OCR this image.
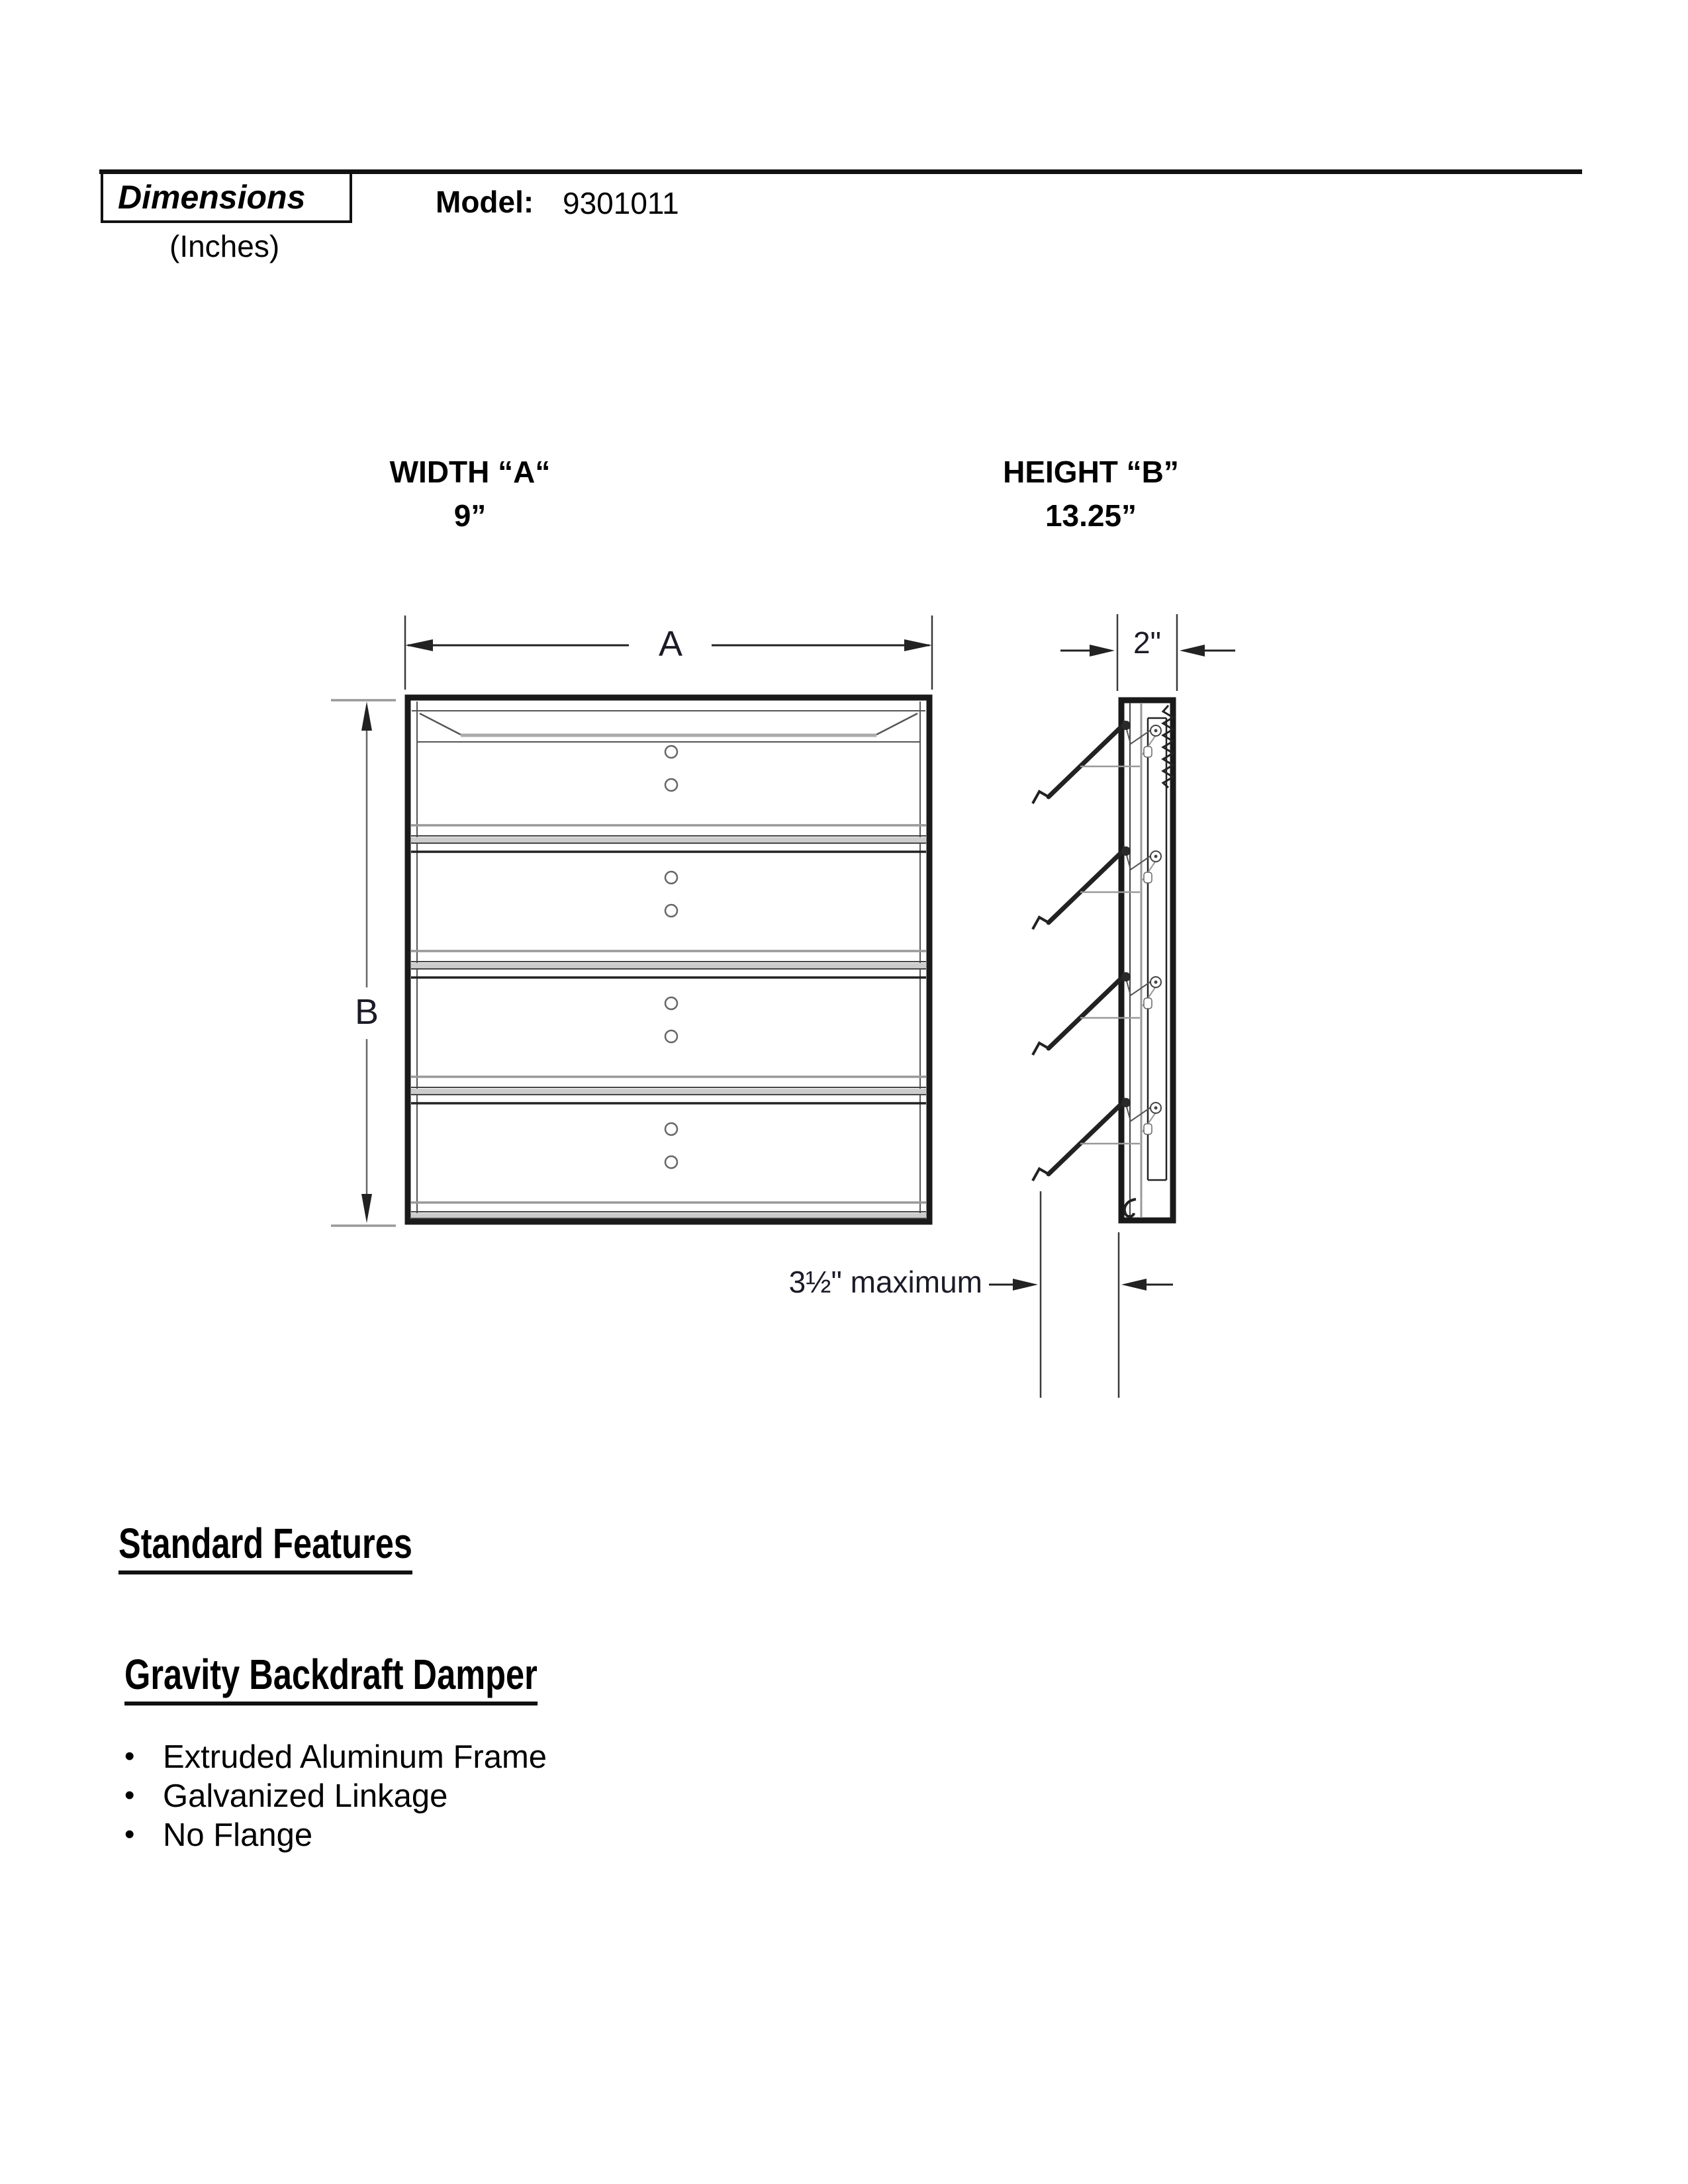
Dimensions
(Inches)
Model: 9301011
WIDTH “A“
9”
HEIGHT “B”
13.25”
A
B
2"
3½" maximum
Standard Features
Gravity Backdraft Damper
• Extruded Aluminum Frame
• Galvanized Linkage
• No Flange
